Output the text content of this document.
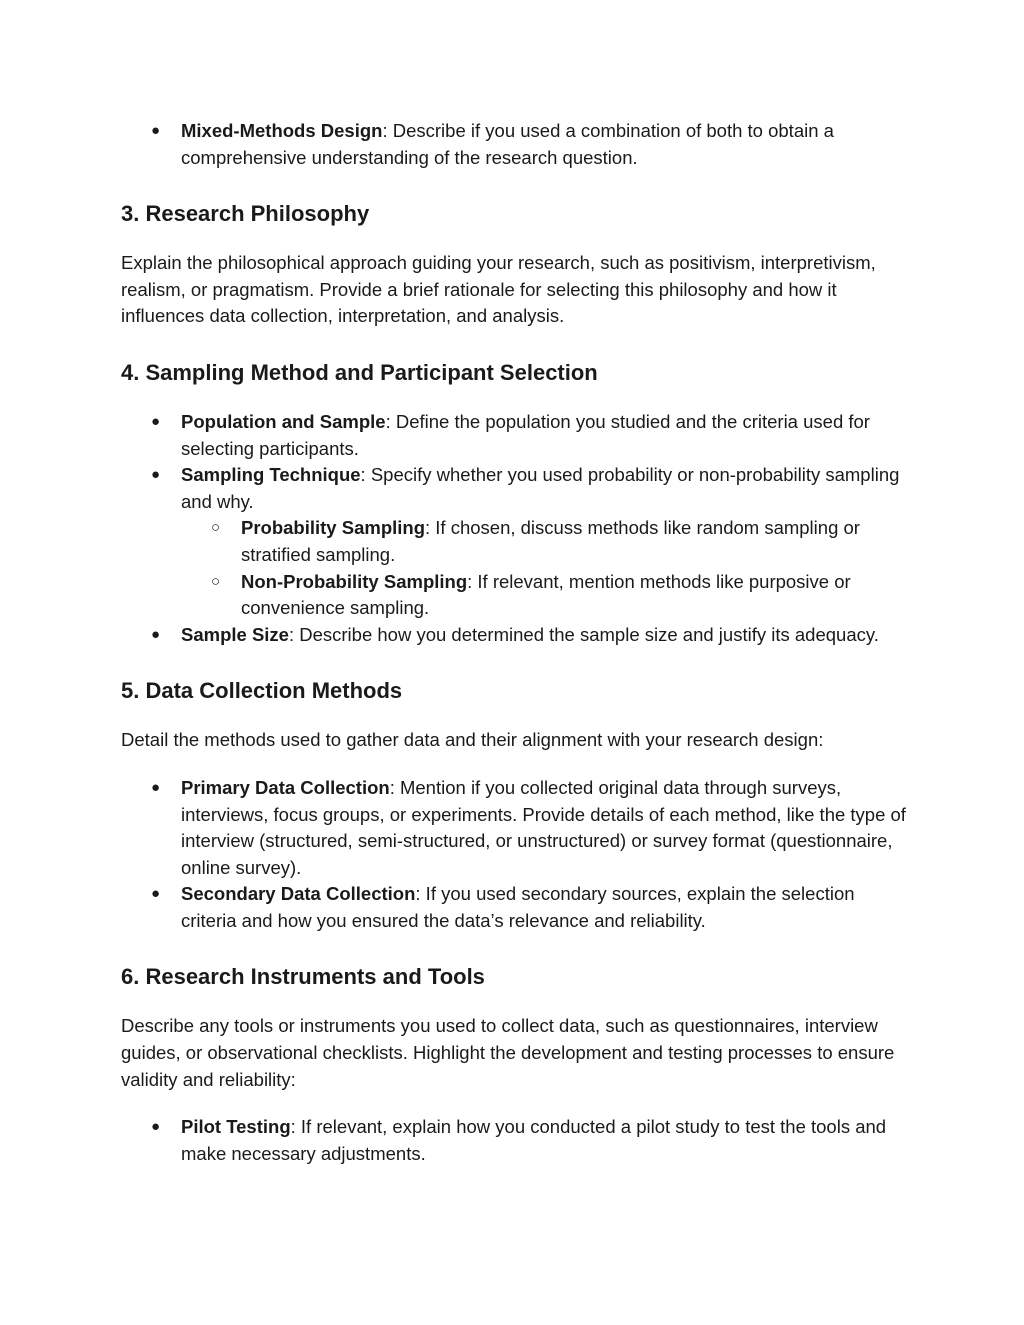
●	Mixed-Methods Design: Describe if you used a combination of both to obtain a comprehensive understanding of the research question.
3. Research Philosophy

Explain the philosophical approach guiding your research, such as positivism, interpretivism, realism, or pragmatism. Provide a brief rationale for selecting this philosophy and how it influences data collection, interpretation, and analysis.

4. Sampling Method and Participant Selection
●	Population and Sample: Define the population you studied and the criteria used for selecting participants.
●	Sampling Technique: Specify whether you used probability or non-probability sampling and why.
○	Probability Sampling: If chosen, discuss methods like random sampling or stratified sampling.
○	Non-Probability Sampling: If relevant, mention methods like purposive or convenience sampling.
●	Sample Size: Describe how you determined the sample size and justify its adequacy.
5. Data Collection Methods

Detail the methods used to gather data and their alignment with your research design:

●	Primary Data Collection: Mention if you collected original data through surveys, interviews, focus groups, or experiments. Provide details of each method, like the type of interview (structured, semi-structured, or unstructured) or survey format (questionnaire, online survey).
●	Secondary Data Collection: If you used secondary sources, explain the selection criteria and how you ensured the data’s relevance and reliability.
6. Research Instruments and Tools

Describe any tools or instruments you used to collect data, such as questionnaires, interview guides, or observational checklists. Highlight the development and testing processes to ensure validity and reliability:

●	Pilot Testing: If relevant, explain how you conducted a pilot study to test the tools and make necessary adjustments.
